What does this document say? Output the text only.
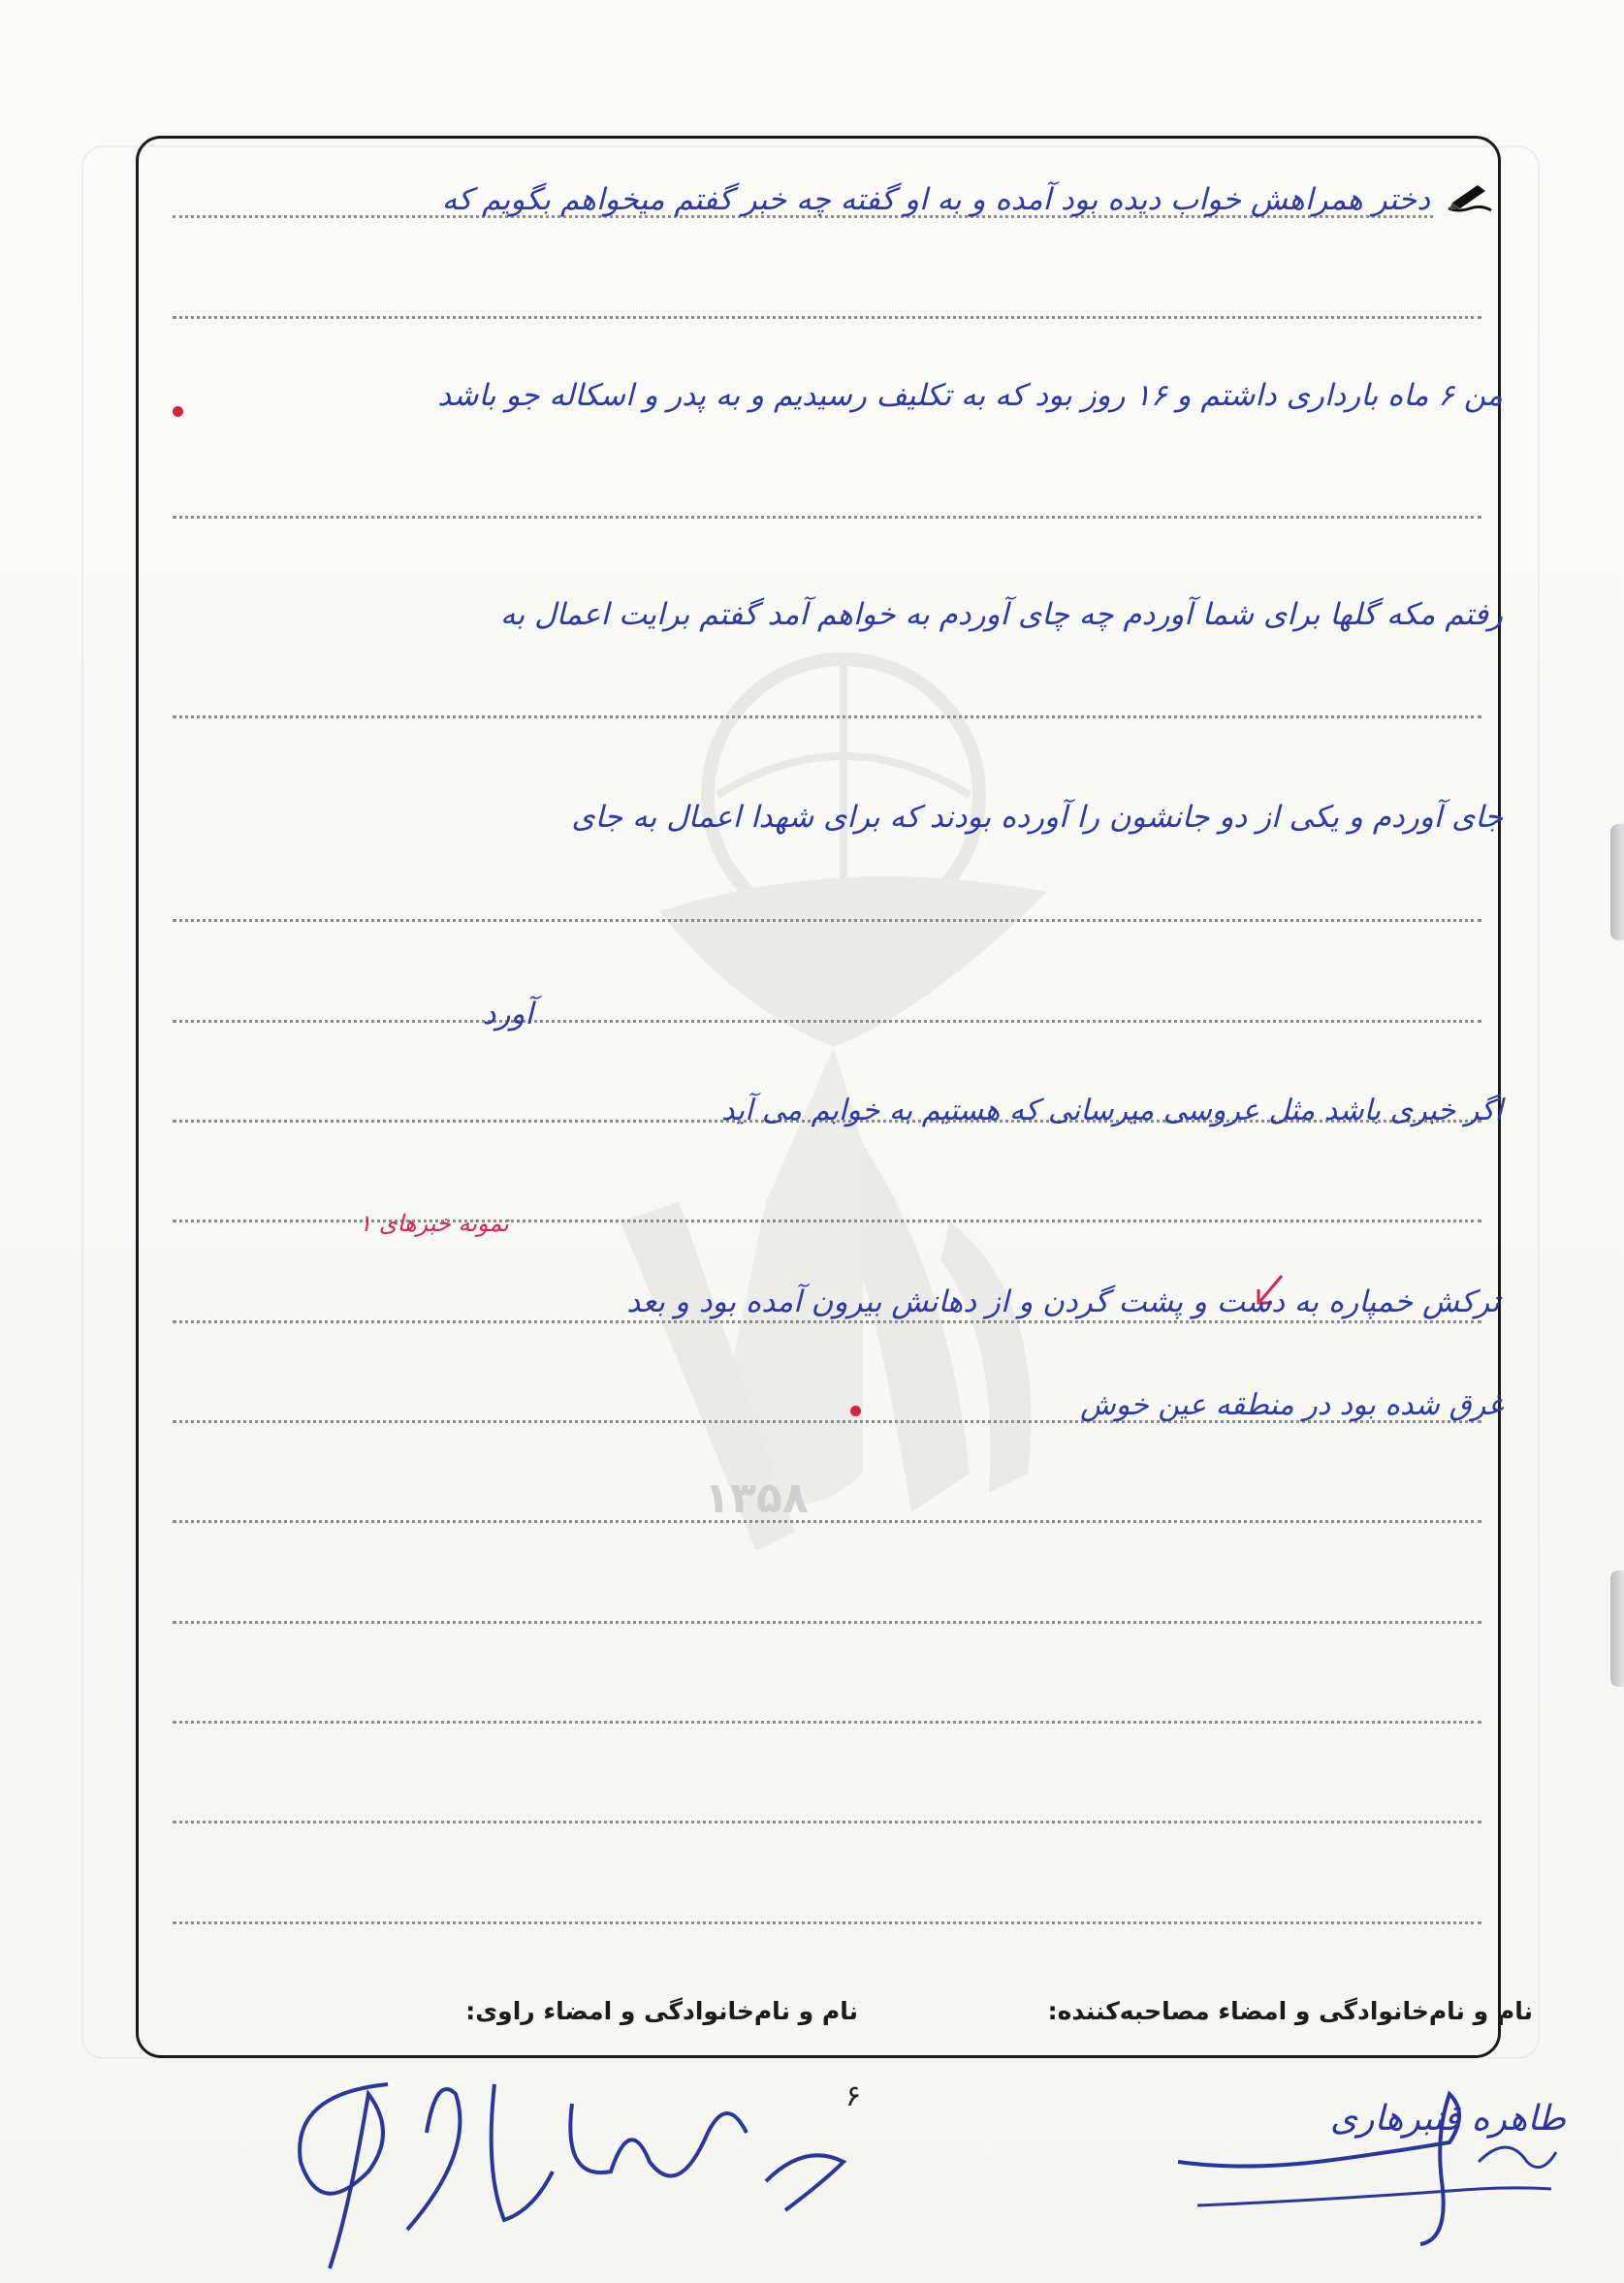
۱۳۵۸
دختر همراهش خواب دیده بود آمده و به او گفته چه خبر گفتم میخواهم بگویم که
من ۶ ماه بارداری داشتم و ۱۶ روز بود که به تکلیف رسیدیم و به پدر و اسکاله جو باشد
رفتم مکه گلها برای شما آوردم چه چای آوردم به خواهم آمد گفتم برایت اعمال به
جای آوردم و یکی از دو جانشون را آورده بودند که برای شهدا اعمال به جای
آورد
اگر خبری باشد مثل عروسی میرسانی که هستیم به خوابم می آید
نمونه خبرهای ۱
ترکش خمپاره به دست و پشت گردن و از دهانش بیرون آمده بود و بعد
غرق شده بود در منطقه عین خوش
نام و نام‌خانوادگی و امضاء مصاحبه‌کننده:
نام و نام‌خانوادگی و امضاء راوی:
طاهره قنبرهاری
۶
